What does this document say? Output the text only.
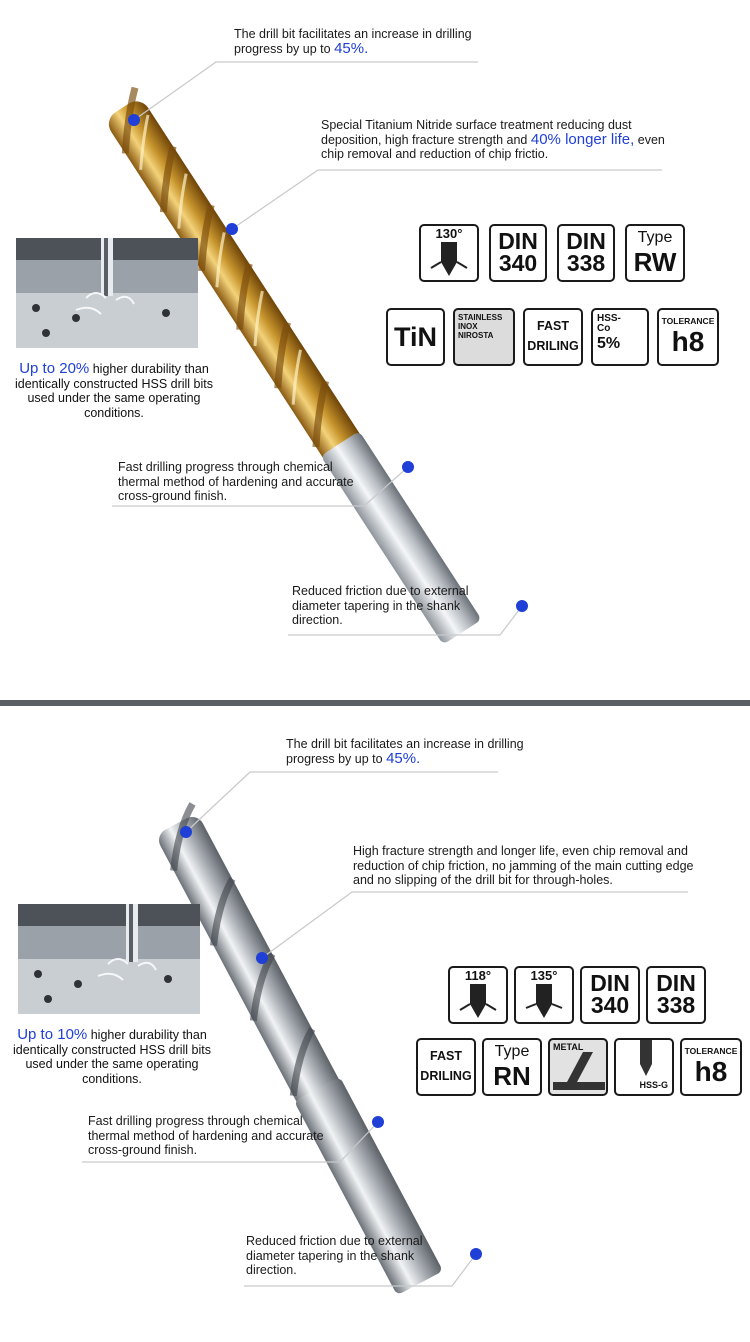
The drill bit facilitates an increase in drilling progress by up to 45%.
Special Titanium Nitride surface treatment reducing dust deposition, high fracture strength and 40% longer life, even chip removal and reduction of chip frictio.
Up to 20% higher durability than identically constructed HSS drill bits used under the same operating conditions.
Fast drilling progress through chemical thermal method of hardening and accurate cross-ground finish.
Reduced friction due to external diameter tapering in the shank direction.
130°	DIN
340
DIN
338
Type
RW
TiN
STAINLESS
INOX
NIROSTA
FAST
DRILING
HSS-
Co
5%
TOLERANCE
h8
The drill bit facilitates an increase in drilling progress by up to 45%.
High fracture strength and longer life, even chip removal and reduction of chip friction, no jamming of the main cutting edge and no slipping of the drill bit for through-holes.
Up to 10% higher durability than identically constructed HSS drill bits used under the same operating conditions.
Fast drilling progress through chemical thermal method of hardening and accurate cross-ground finish.
Reduced friction due to external diameter tapering in the shank direction.
118°	135°	DIN
340
DIN
338
FAST
DRILING
Type
RN
METAL
HSS-G
TOLERANCE
h8
